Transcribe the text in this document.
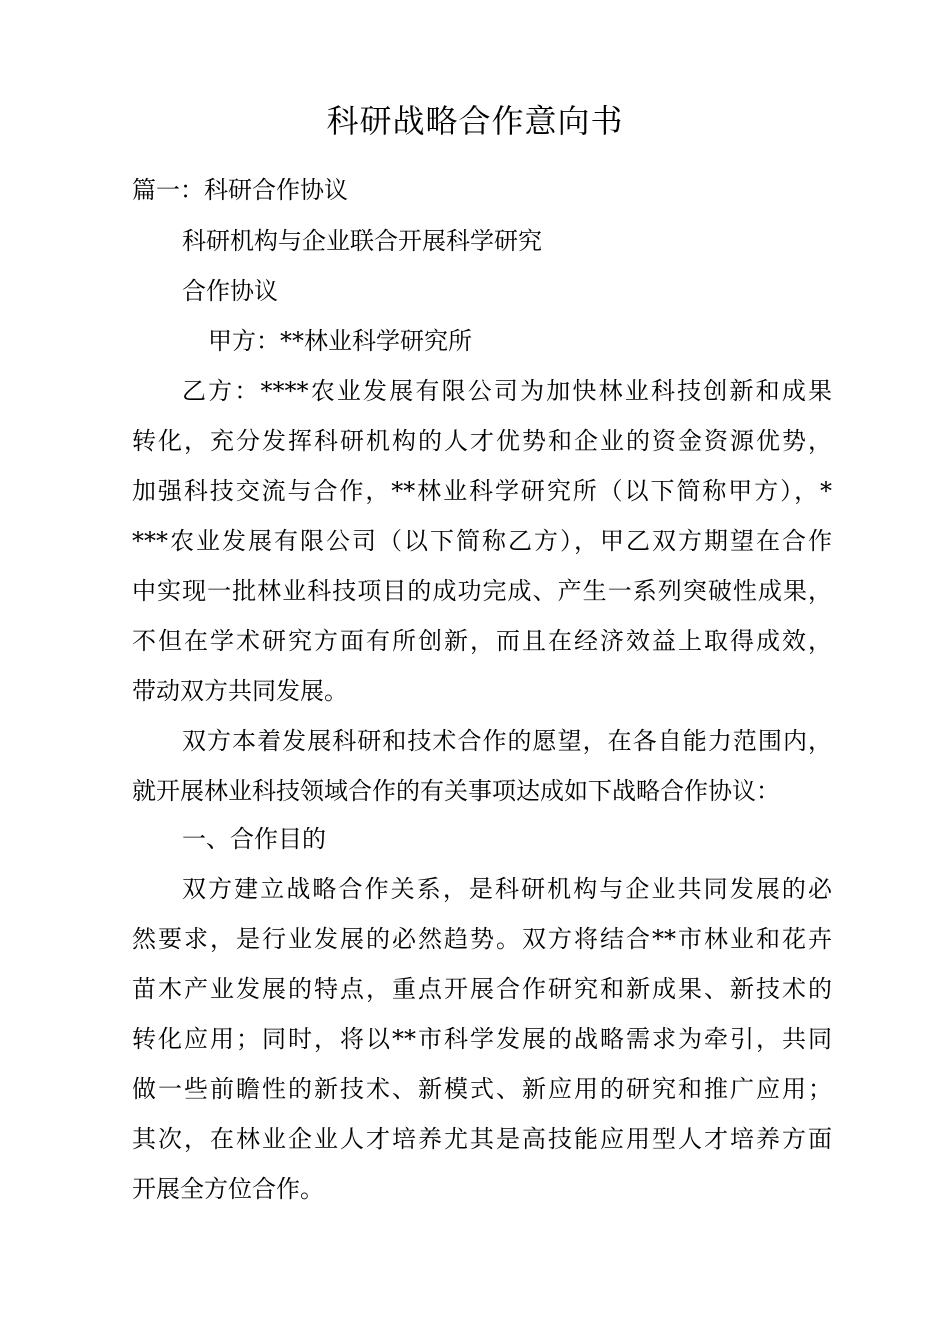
科研战略合作意向书

篇一：科研合作协议

科研机构与企业联合开展科学研究

合作协议

甲方：**林业科学研究所

乙方：****农业发展有限公司为加快林业科技创新和成果

转化，充分发挥科研机构的人才优势和企业的资金资源优势，

加强科技交流与合作，**林业科学研究所（以下简称甲方），*

***农业发展有限公司（以下简称乙方），甲乙双方期望在合作

中实现一批林业科技项目的成功完成、产生一系列突破性成果，

不但在学术研究方面有所创新，而且在经济效益上取得成效，

带动双方共同发展。

双方本着发展科研和技术合作的愿望，在各自能力范围内，

就开展林业科技领域合作的有关事项达成如下战略合作协议：

一、合作目的

双方建立战略合作关系，是科研机构与企业共同发展的必

然要求，是行业发展的必然趋势。双方将结合**市林业和花卉

苗木产业发展的特点，重点开展合作研究和新成果、新技术的

转化应用；同时，将以**市科学发展的战略需求为牵引，共同

做一些前瞻性的新技术、新模式、新应用的研究和推广应用；

其次，在林业企业人才培养尤其是高技能应用型人才培养方面

开展全方位合作。
